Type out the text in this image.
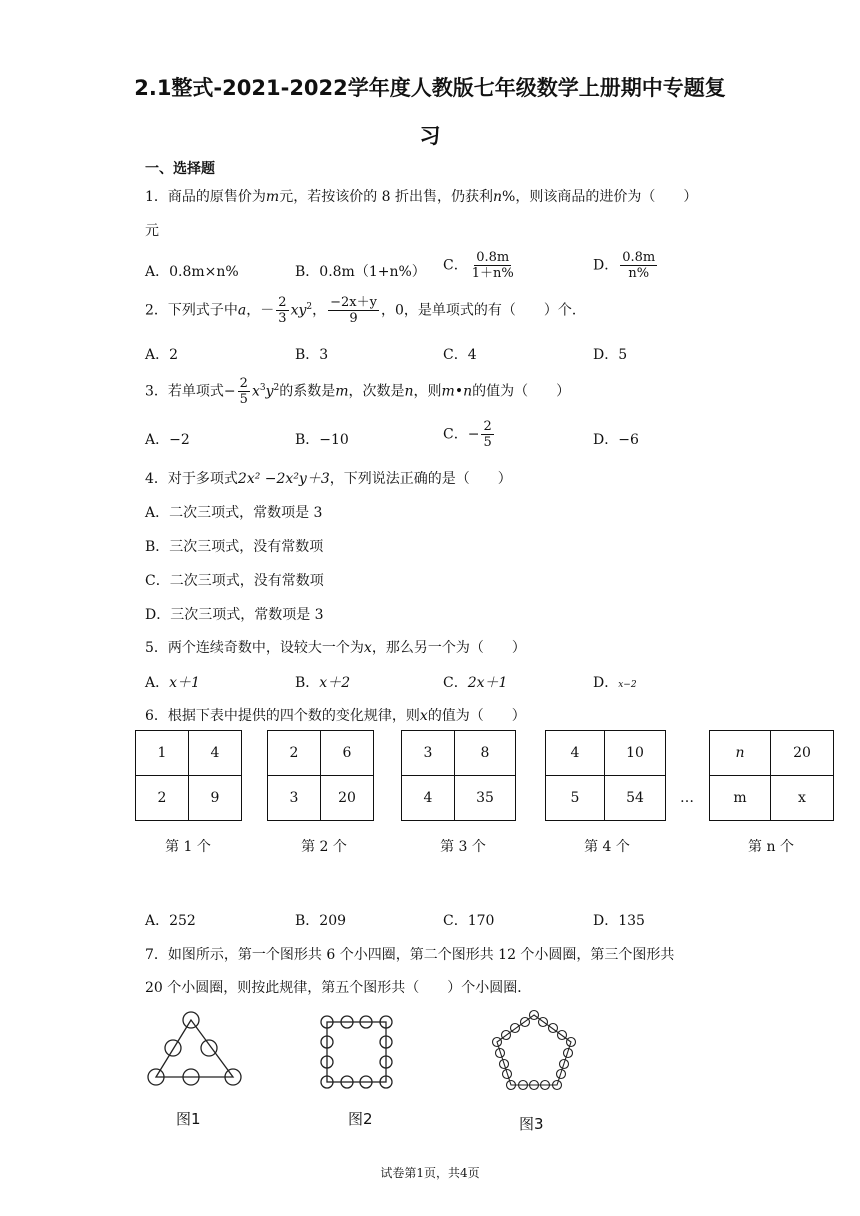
2.1整式-2021-2022学年度人教版七年级数学上册期中专题复
习
一、选择题
1．商品的原售价为m元，若按该价的 8 折出售，仍获利n%，则该商品的进价为（　　）
元
A．0.8m×n%	B．0.8m（1+n%） C． $\frac{0.8m}{1+n\%}$	D． $\frac{0.8m}{n\%}$
2．下列式子中a，－ $\frac{2}{3} xy^2$， $\frac{-2x+y}{9}$ ，0，是单项式的有（　　）个．
A．2	B．3	C．4	D．5
3．若单项式− $\frac{2}{5} x^3y^2$的系数是m，次数是n，则m•n的值为（　　）
A．−2	B．−10	C．− $\frac{2}{5}$	D．−6
4．对于多项式2x² −2x²y＋3，下列说法正确的是（　　）
A．二次三项式，常数项是 3
B．三次三项式，没有常数项
C．二次三项式，没有常数项
D．三次三项式，常数项是 3
5．两个连续奇数中，设较大一个为x，那么另一个为（　　）
A．x＋1	B．x＋2	C．2x＋1	D．x−2
6．根据下表中提供的四个数的变化规律，则x的值为（　　）
1	4
2	9
2	6
3	20
3	8
4	35
4	10
5	54	…
n	20
m	x
第 1 个	第 2 个	第 3 个	第 4 个	第 n 个
A．252	B．209	C．170	D．135
7．如图所示，第一个图形共 6 个小四圈，第二个图形共 12 个小圆圈，第三个图形共
20 个小圆圈，则按此规律，第五个图形共（　　）个小圆圈．
图1	图2	图3
试卷第1页，共4页
